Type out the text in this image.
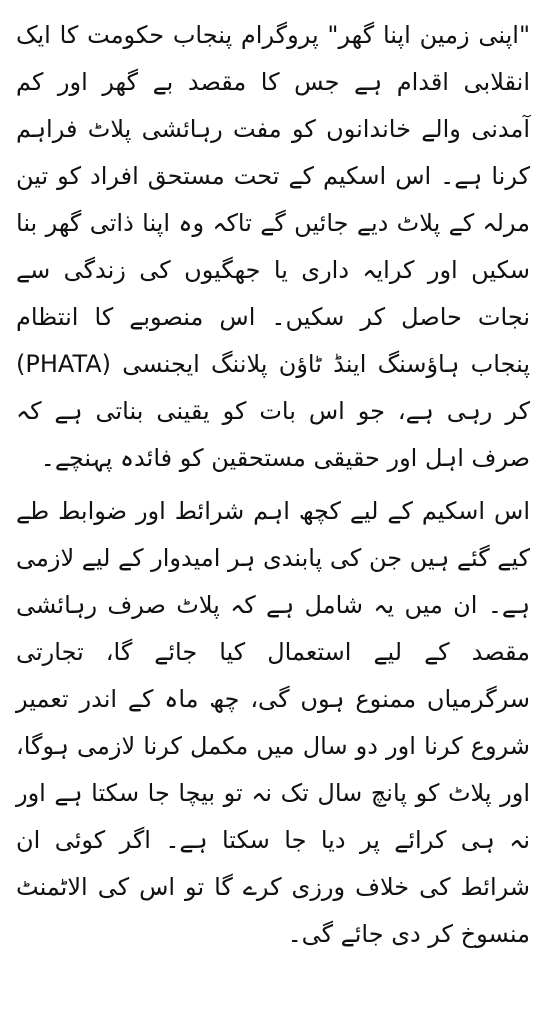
"اپنی زمین اپنا گھر" پروگرام پنجاب حکومت کا ایک انقلابی اقدام ہے جس کا مقصد بے گھر اور کم آمدنی والے خاندانوں کو مفت رہائشی پلاٹ فراہم کرنا ہے۔ اس اسکیم کے تحت مستحق افراد کو تین مرلہ کے پلاٹ دیے جائیں گے تاکہ وہ اپنا ذاتی گھر بنا سکیں اور کرایہ داری یا جھگیوں کی زندگی سے نجات حاصل کر سکیں۔ اس منصوبے کا انتظام پنجاب ہاؤسنگ اینڈ ٹاؤن پلاننگ ایجنسی (PHATA) کر رہی ہے، جو اس بات کو یقینی بناتی ہے کہ صرف اہل اور حقیقی مستحقین کو فائدہ پہنچے۔

اس اسکیم کے لیے کچھ اہم شرائط اور ضوابط طے کیے گئے ہیں جن کی پابندی ہر امیدوار کے لیے لازمی ہے۔ ان میں یہ شامل ہے کہ پلاٹ صرف رہائشی مقصد کے لیے استعمال کیا جائے گا، تجارتی سرگرمیاں ممنوع ہوں گی، چھ ماہ کے اندر تعمیر شروع کرنا اور دو سال میں مکمل کرنا لازمی ہوگا، اور پلاٹ کو پانچ سال تک نہ تو بیچا جا سکتا ہے اور نہ ہی کرائے پر دیا جا سکتا ہے۔ اگر کوئی ان شرائط کی خلاف ورزی کرے گا تو اس کی الاٹمنٹ منسوخ کر دی جائے گی۔
